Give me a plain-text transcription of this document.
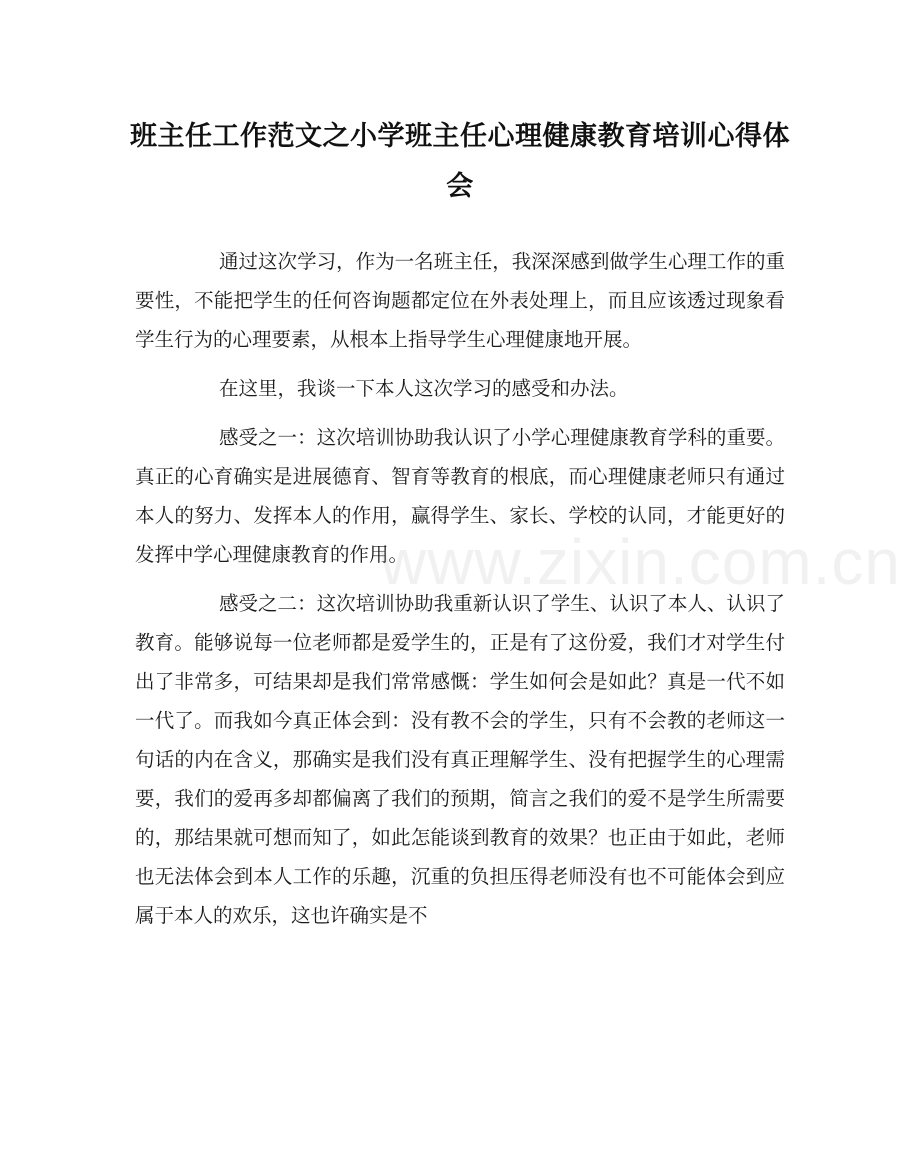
班主任工作范文之小学班主任心理健康教育培训心得体会

通过这次学习，作为一名班主任，我深深感到做学生心理工作的重要性，不能把学生的任何咨询题都定位在外表处理上，而且应该透过现象看学生行为的心理要素，从根本上指导学生心理健康地开展。

在这里，我谈一下本人这次学习的感受和办法。

感受之一：这次培训协助我认识了小学心理健康教育学科的重要。真正的心育确实是进展德育、智育等教育的根底，而心理健康老师只有通过本人的努力、发挥本人的作用，赢得学生、家长、学校的认同，才能更好的发挥中学心理健康教育的作用。

感受之二：这次培训协助我重新认识了学生、认识了本人、认识了教育。能够说每一位老师都是爱学生的，正是有了这份爱，我们才对学生付出了非常多，可结果却是我们常常感慨：学生如何会是如此？真是一代不如一代了。而我如今真正体会到：没有教不会的学生，只有不会教的老师这一句话的内在含义，那确实是我们没有真正理解学生、没有把握学生的心理需要，我们的爱再多却都偏离了我们的预期，简言之我们的爱不是学生所需要的，那结果就可想而知了，如此怎能谈到教育的效果？也正由于如此，老师也无法体会到本人工作的乐趣，沉重的负担压得老师没有也不可能体会到应属于本人的欢乐，这也许确实是不

www.zixin.com.cn
